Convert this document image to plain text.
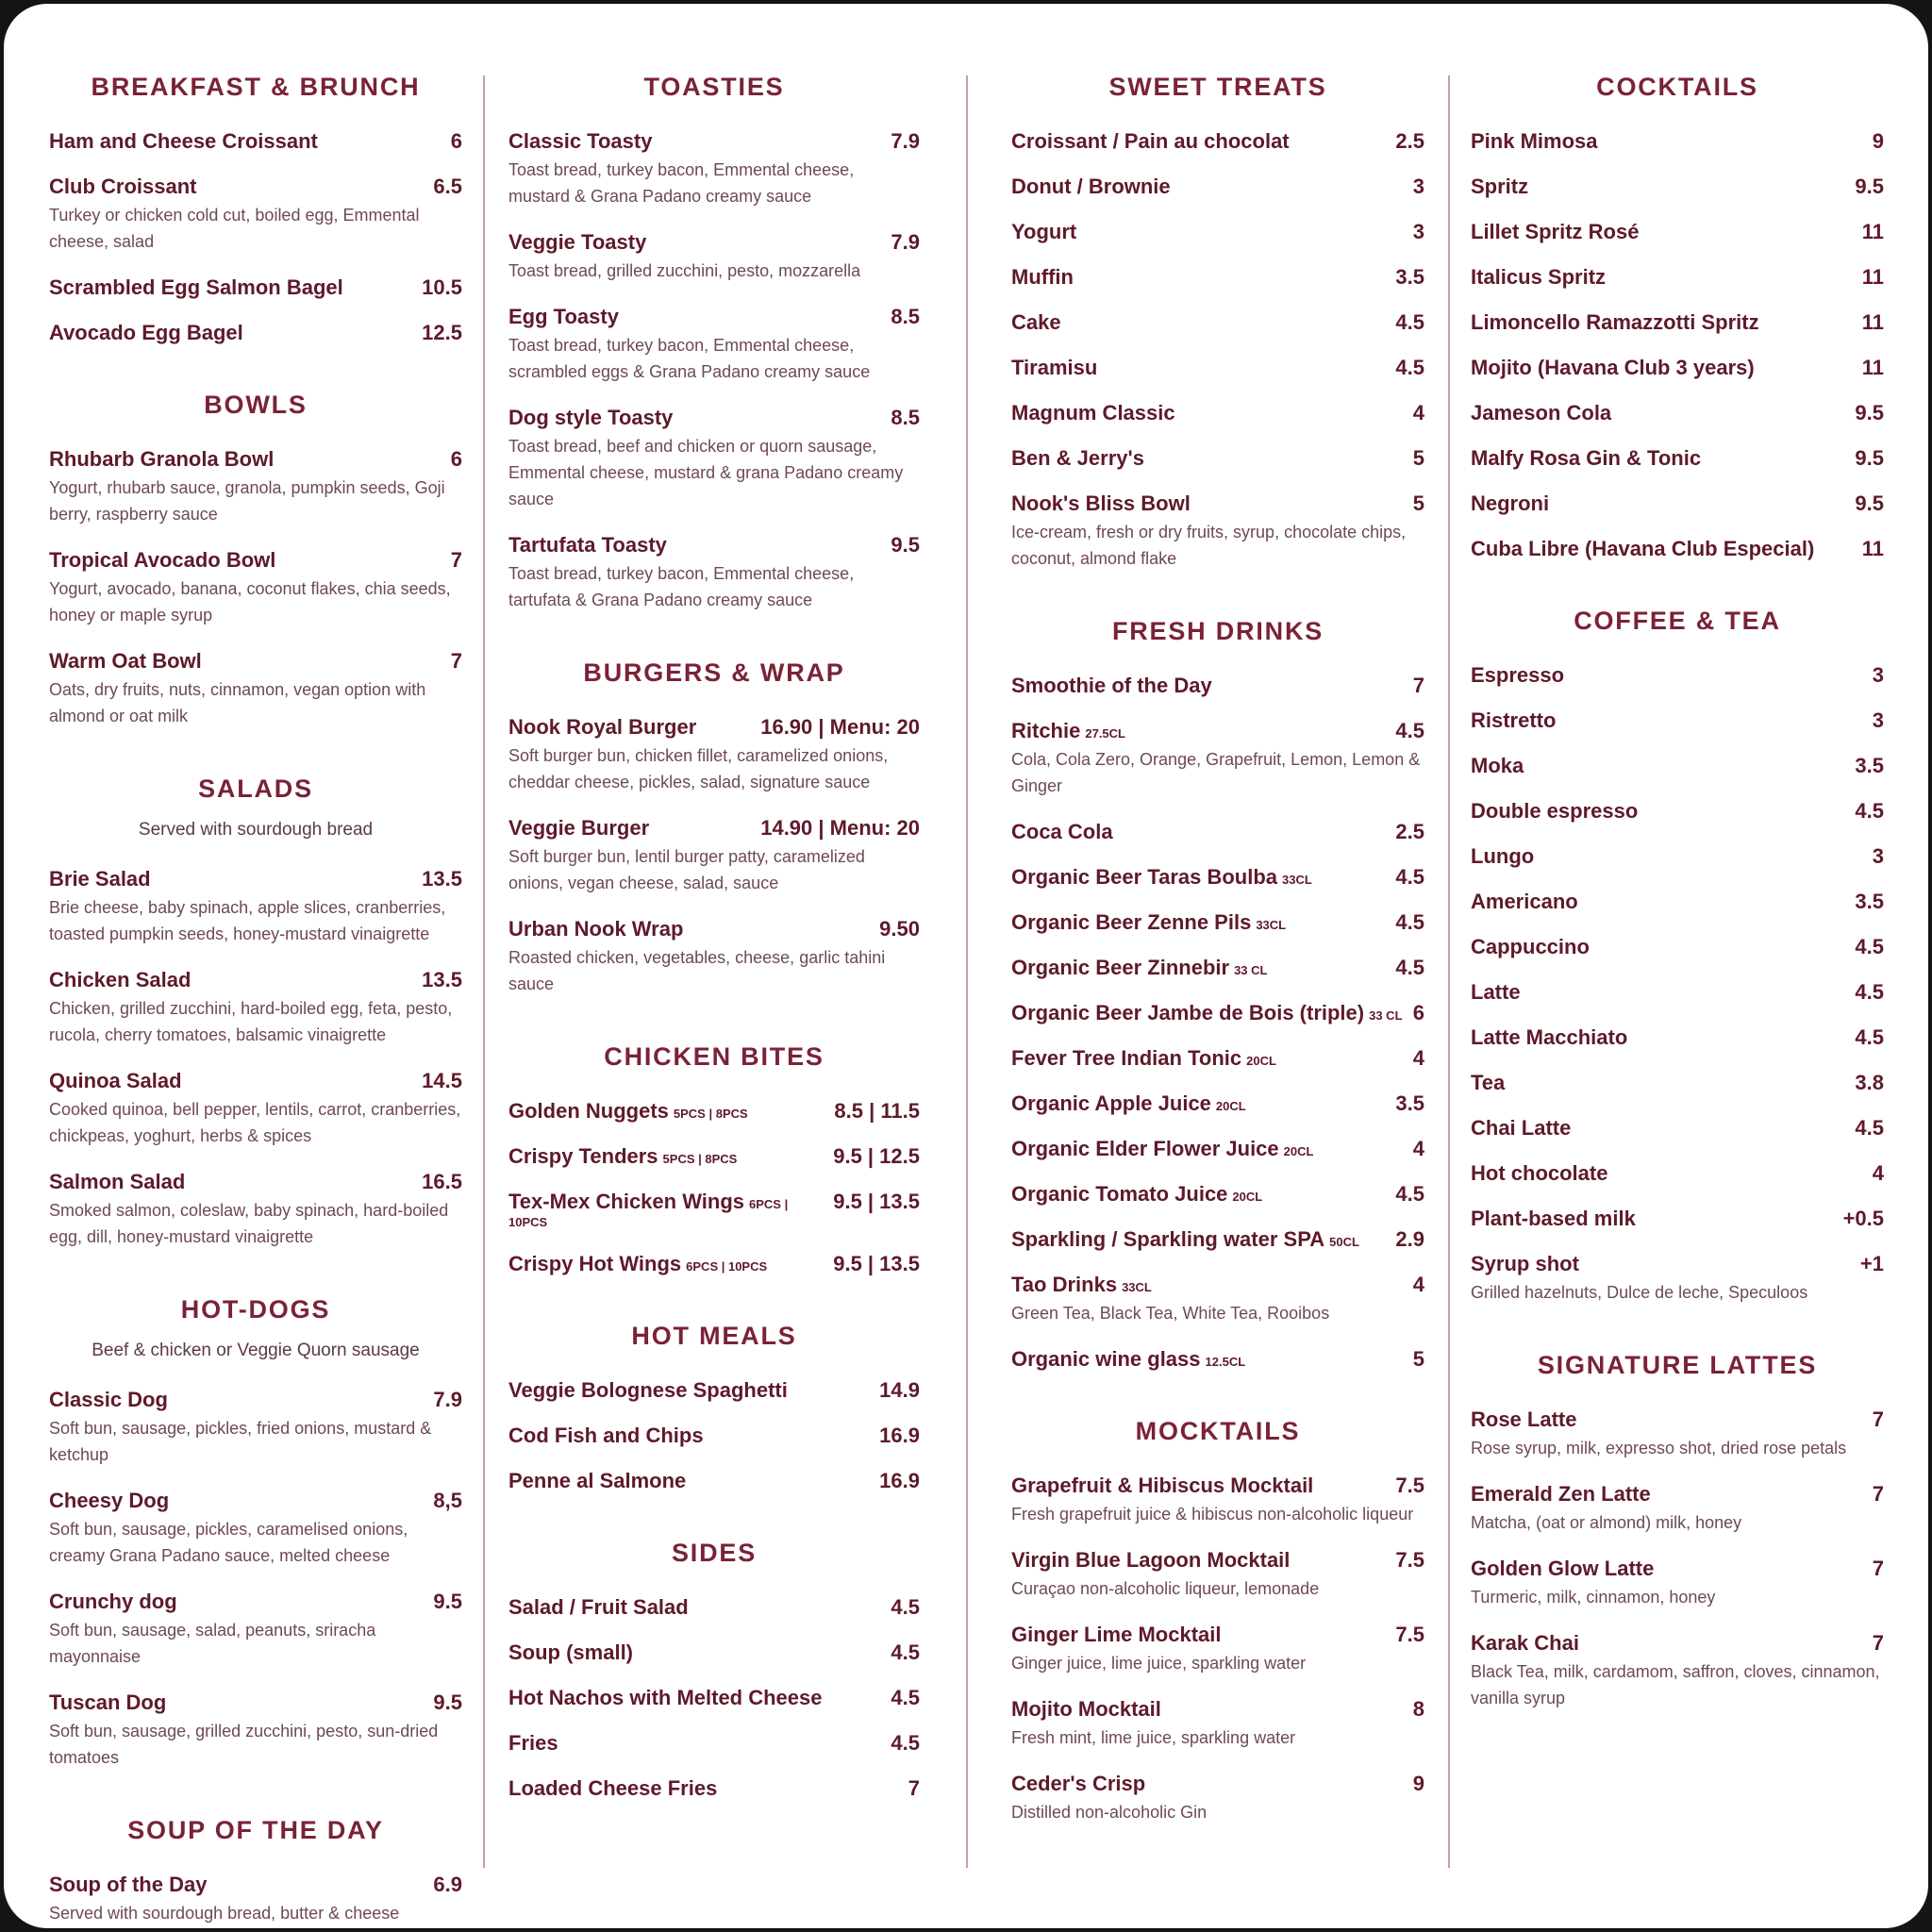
BREAKFAST & BRUNCH
Ham and Cheese Croissant	6
Club Croissant	6.5
Turkey or chicken cold cut, boiled egg, Emmental cheese, salad
Scrambled Egg Salmon Bagel	10.5
Avocado Egg Bagel	12.5
BOWLS
Rhubarb Granola Bowl	6
Yogurt, rhubarb sauce, granola, pumpkin seeds, Goji berry, raspberry sauce
Tropical Avocado Bowl	7
Yogurt, avocado, banana, coconut flakes, chia seeds, honey or maple syrup
Warm Oat Bowl	7
Oats, dry fruits, nuts, cinnamon, vegan option with almond or oat milk
SALADS
Served with sourdough bread
Brie Salad	13.5
Brie cheese, baby spinach, apple slices, cranberries, toasted pumpkin seeds, honey-mustard vinaigrette
Chicken Salad	13.5
Chicken, grilled zucchini, hard-boiled egg, feta, pesto, rucola, cherry tomatoes, balsamic vinaigrette
Quinoa Salad	14.5
Cooked quinoa, bell pepper, lentils, carrot, cranberries, chickpeas, yoghurt, herbs & spices
Salmon Salad	16.5
Smoked salmon, coleslaw, baby spinach, hard-boiled egg, dill, honey-mustard vinaigrette
HOT-DOGS
Beef & chicken or Veggie Quorn sausage
Classic Dog	7.9
Soft bun, sausage, pickles, fried onions, mustard & ketchup
Cheesy Dog	8,5
Soft bun, sausage, pickles, caramelised onions, creamy Grana Padano sauce, melted cheese
Crunchy dog	9.5
Soft bun, sausage, salad, peanuts, sriracha mayonnaise
Tuscan Dog	9.5
Soft bun, sausage, grilled zucchini, pesto, sun-dried tomatoes
SOUP OF THE DAY
Soup of the Day	6.9
Served with sourdough bread, butter & cheese
TOASTIES
Classic Toasty	7.9
Toast bread, turkey bacon, Emmental cheese, mustard & Grana Padano creamy sauce
Veggie Toasty	7.9
Toast bread, grilled zucchini, pesto, mozzarella
Egg Toasty	8.5
Toast bread, turkey bacon, Emmental cheese, scrambled eggs & Grana Padano creamy sauce
Dog style Toasty	8.5
Toast bread, beef and chicken or quorn sausage, Emmental cheese, mustard & grana Padano creamy sauce
Tartufata Toasty	9.5
Toast bread, turkey bacon, Emmental cheese, tartufata & Grana Padano creamy sauce
BURGERS & WRAP
Nook Royal Burger	16.90 | Menu: 20
Soft burger bun, chicken fillet, caramelized onions, cheddar cheese, pickles, salad, signature sauce
Veggie Burger	14.90 | Menu: 20
Soft burger bun, lentil burger patty, caramelized onions, vegan cheese, salad, sauce
Urban Nook Wrap	9.50
Roasted chicken, vegetables, cheese, garlic tahini sauce
CHICKEN BITES
Golden Nuggets 5PCS | 8PCS	8.5 | 11.5
Crispy Tenders 5PCS | 8PCS	9.5 | 12.5
Tex-Mex Chicken Wings 6PCS | 10PCS
9.5 | 13.5
Crispy Hot Wings 6PCS | 10PCS	9.5 | 13.5
HOT MEALS
Veggie Bolognese Spaghetti	14.9
Cod Fish and Chips	16.9
Penne al Salmone	16.9
SIDES
Salad / Fruit Salad	4.5
Soup (small)	4.5
Hot Nachos with Melted Cheese	4.5
Fries	4.5
Loaded Cheese Fries	7
SWEET TREATS
Croissant / Pain au chocolat	2.5
Donut / Brownie	3
Yogurt	3
Muffin	3.5
Cake	4.5
Tiramisu	4.5
Magnum Classic	4
Ben & Jerry's	5
Nook's Bliss Bowl	5
Ice-cream, fresh or dry fruits, syrup, chocolate chips, coconut, almond flake
FRESH DRINKS
Smoothie of the Day	7
Ritchie 27.5CL	4.5
Cola, Cola Zero, Orange, Grapefruit, Lemon, Lemon & Ginger
Coca Cola	2.5
Organic Beer Taras Boulba 33CL	4.5
Organic Beer Zenne Pils 33CL	4.5
Organic Beer Zinnebir 33 CL	4.5
Organic Beer Jambe de Bois (triple) 33 CL 6
Fever Tree Indian Tonic 20CL	4
Organic Apple Juice 20CL	3.5
Organic Elder Flower Juice 20CL	4
Organic Tomato Juice 20CL	4.5
Sparkling / Sparkling water SPA 50CL 2.9
Tao Drinks 33CL	4
Green Tea, Black Tea, White Tea, Rooibos
Organic wine glass 12.5CL	5
MOCKTAILS
Grapefruit & Hibiscus Mocktail	7.5
Fresh grapefruit juice & hibiscus non-alcoholic liqueur
Virgin Blue Lagoon Mocktail	7.5
Curaçao non-alcoholic liqueur, lemonade
Ginger Lime Mocktail	7.5
Ginger juice, lime juice, sparkling water
Mojito Mocktail	8
Fresh mint, lime juice, sparkling water
Ceder's Crisp	9
Distilled non-alcoholic Gin
COCKTAILS
Pink Mimosa	9
Spritz	9.5
Lillet Spritz Rosé	11
Italicus Spritz	11
Limoncello Ramazzotti Spritz	11
Mojito (Havana Club 3 years)	11
Jameson Cola	9.5
Malfy Rosa Gin & Tonic	9.5
Negroni	9.5
Cuba Libre (Havana Club Especial) 11
COFFEE & TEA
Espresso	3
Ristretto	3
Moka	3.5
Double espresso	4.5
Lungo	3
Americano	3.5
Cappuccino	4.5
Latte	4.5
Latte Macchiato	4.5
Tea	3.8
Chai Latte	4.5
Hot chocolate	4
Plant-based milk	+0.5
Syrup shot	+1
Grilled hazelnuts, Dulce de leche, Speculoos
SIGNATURE LATTES
Rose Latte	7
Rose syrup, milk, expresso shot, dried rose petals
Emerald Zen Latte	7
Matcha, (oat or almond) milk, honey
Golden Glow Latte	7
Turmeric, milk, cinnamon, honey
Karak Chai	7
Black Tea, milk, cardamom, saffron, cloves, cinnamon, vanilla syrup
